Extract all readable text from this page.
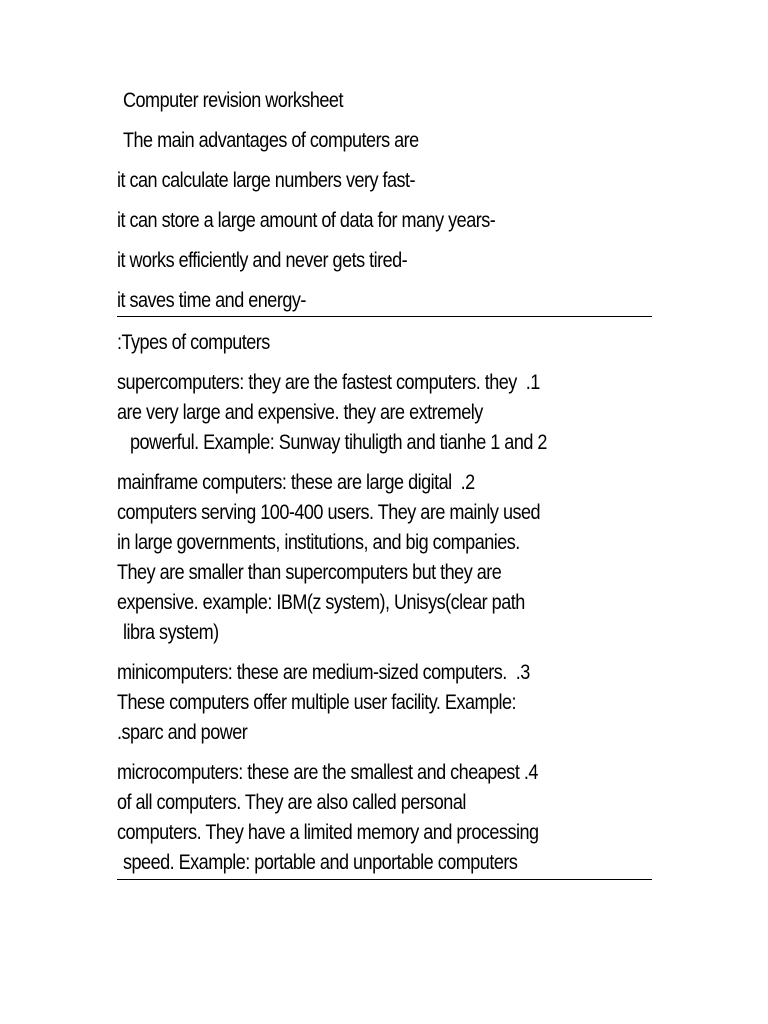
Computer revision worksheet
The main advantages of computers are
it can calculate large numbers very fast-
it can store a large amount of data for many years-
it works efficiently and never gets tired-
it saves time and energy-
:Types of computers
supercomputers: they are the fastest computers. they  .1
are very large and expensive. they are extremely
powerful. Example: Sunway tihuligth and tianhe 1 and 2
mainframe computers: these are large digital  .2
computers serving 100-400 users. They are mainly used
in large governments, institutions, and big companies.
They are smaller than supercomputers but they are
expensive. example: IBM(z system), Unisys(clear path
libra system)
minicomputers: these are medium-sized computers.  .3
These computers offer multiple user facility. Example:
.sparc and power
microcomputers: these are the smallest and cheapest .4
of all computers. They are also called personal
computers. They have a limited memory and processing
speed. Example: portable and unportable computers
